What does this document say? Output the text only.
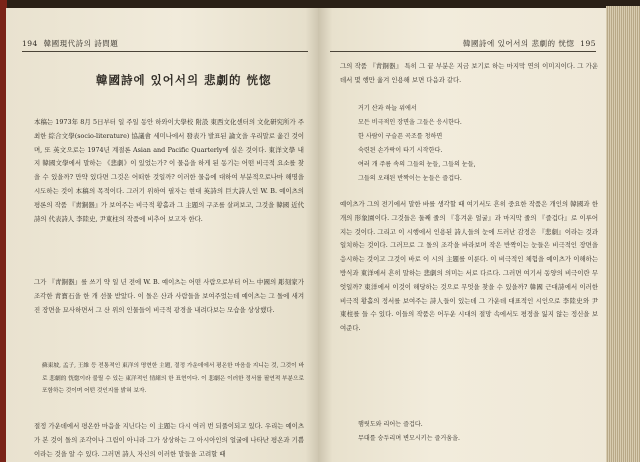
194 韓國現代詩의 詩問題
韓國詩에 있어서의 悲劇的 恍惚

本稿는 1973年 8月 5日부터 일 주일 동안 하와이大學校 附設 東西文化센터의 文化研究所가 주최한 綜合文學(socio-literature) 協議會 세미나에서 發表가 발표된 論文을 우리말로 옮긴 것이며, 또 英文으로는 1974년 계절론 Asian and Pacific Quarterly에 실은 것이다. 東洋文學 내지 韓國文學에서 말하는 《悲劇》이 있었는가? 이 물음을 하게 된 동기는 어떤 비극적 요소를 찾을 수 있을까? 만약 있다면 그것은 어떠한 것일까? 이러한 물음에 대하여 부분적으로나마 해명을 시도하는 것이 本稿의 목적이다. 그러기 위하여 필자는 현대 英詩의 巨大詩人인 W. B. 예이츠의 평론의 작품 『靑銅器』가 보여주는 비극적 황홀과 그 主題의 구조를 살펴보고, 그것을 韓國 近代詩의 代表詩人 李陸史, 尹東柱의 작품에 비추어 보고자 한다.

그가 『靑銅器』를 쓰기 약 일 년 전에 W. B. 예이츠는 어떤 사람으로부터 어느 中國의 彫刻家가 조각한 靑寶石을 한 개 선물 받았다. 이 돌은 산과 사람들을 보여주었는데 예이츠는 그 돌에 새겨진 장면을 묘사하면서 그 산 위의 인물들이 비극적 광경을 내려다보는 모습을 상상했다.

蘇東坡, 孟子, 王維 등 전통적인 東洋의 명현한 主題, 절정 가운데에서 평온한 마음을 지니는 것, 그것이 바로 悲劇的 恍惚이라 불릴 수 있는 東洋적인 情緒의 한 표현이다. 이 悲劇은 이러한 정서를 필연적 부분으로 포함하는 것이며 어떤 것인지를 밝혀 보자.

절정 가운데에서 평온한 마음을 지닌다는 이 主題는 다시 여러 번 되풀이되고 있다. 우리는 예이츠가 본 것이 돌의 조각이나 그림이 아니라 그가 상상하는 그 아시아인의 얼굴에 나타난 평온과 기쁨이라는 것을 알 수 있다. 그러면 詩人 자신의 이러한 말들을 고려할 때

韓國詩에 있어서의 悲劇的 恍惚 195

그의 작품 『靑銅器』 특히 그 끝 부분은 지금 보기로 하는 마지막 연의 이미지이다. 그 가운데서 몇 행만 옮겨 인용해 보면 다음과 같다.

거기 산과 하늘 위에서

모든 비극적인 장면을 그들은 응시한다.

한 사람이 구슬픈 곡조를 청하면

숙련된 손가락이 타기 시작한다.

여러 개 주름 속의 그들의 눈들, 그들의 눈들,

그들의 오래된 반짝이는 눈들은 즐겁다.

예이츠가 그의 전기에서 말한 바를 생각할 때 여기서도 흔히 중요한 작품은 개인의 韓國과 한 개의 形象園이다. 그것들은 둘째 줄의 『흥겨운 얼굴』과 마지막 줄의 『즐겁다』로 이루어지는 것이다. 그리고 이 시행에서 인용된 詩人들의 눈에 드러난 감정은 『悲劇』이라는 것과 일치하는 것이다. 그러므로 그 돌의 조각을 바라보며 작은 반짝이는 눈들은 비극적인 장면을 응시하는 것이고 그것이 바로 이 시의 主題를 이룬다. 이 비극적인 체험을 예이츠가 이해하는 방식과 東洋에서 흔히 말하는 悲劇의 의미는 서로 다르다. 그러면 여기서 동양의 비극이란 무엇일까? 東洋에서 이것이 해당하는 것으로 무엇을 찾을 수 있을까? 韓國 근대詩에서 이러한 비극적 황홀의 정서를 보여주는 詩人들이 있는데 그 가운데 대표적인 시인으로 李陸史와 尹東柱를 들 수 있다. 이들의 작품은 어두운 시대의 절망 속에서도 평정을 잃지 않는 정신을 보여준다.

햄릿도와 리어는 즐겁다.

무대를 숭두리며 변모시키는 즐거움을.
